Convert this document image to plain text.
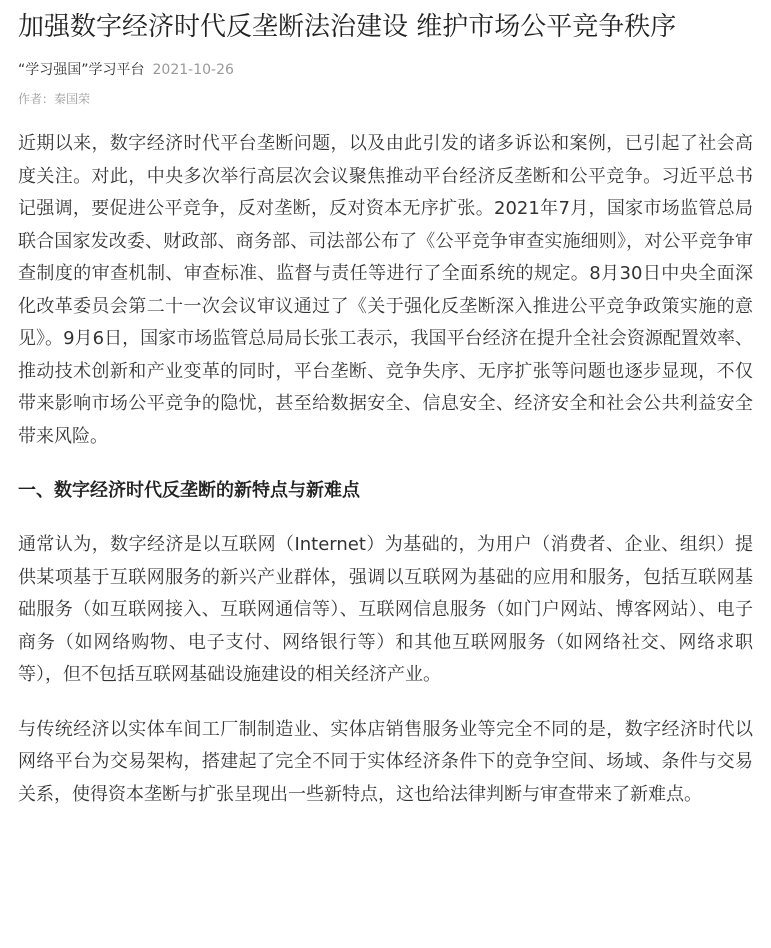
加强数字经济时代反垄断法治建设 维护市场公平竞争秩序
“学习强国”学习平台 2021-10-26
作者：秦国荣

近期以来，数字经济时代平台垄断问题，以及由此引发的诸多诉讼和案例，已引起了社会高度关注。对此，中央多次举行高层次会议聚焦推动平台经济反垄断和公平竞争。习近平总书记强调，要促进公平竞争，反对垄断，反对资本无序扩张。2021年7月，国家市场监管总局联合国家发改委、财政部、商务部、司法部公布了《公平竞争审查实施细则》，对公平竞争审查制度的审查机制、审查标准、监督与责任等进行了全面系统的规定。8月30日中央全面深化改革委员会第二十一次会议审议通过了《关于强化反垄断深入推进公平竞争政策实施的意见》。9月6日，国家市场监管总局局长张工表示，我国平台经济在提升全社会资源配置效率、推动技术创新和产业变革的同时，平台垄断、竞争失序、无序扩张等问题也逐步显现，不仅带来影响市场公平竞争的隐忧，甚至给数据安全、信息安全、经济安全和社会公共利益安全带来风险。

一、数字经济时代反垄断的新特点与新难点

通常认为，数字经济是以互联网（Internet）为基础的，为用户（消费者、企业、组织）提供某项基于互联网服务的新兴产业群体，强调以互联网为基础的应用和服务，包括互联网基础服务（如互联网接入、互联网通信等）、互联网信息服务（如门户网站、博客网站）、电子商务（如网络购物、电子支付、网络银行等）和其他互联网服务（如网络社交、网络求职等），但不包括互联网基础设施建设的相关经济产业。

与传统经济以实体车间工厂制制造业、实体店销售服务业等完全不同的是，数字经济时代以网络平台为交易架构，搭建起了完全不同于实体经济条件下的竞争空间、场域、条件与交易关系，使得资本垄断与扩张呈现出一些新特点，这也给法律判断与审查带来了新难点。
